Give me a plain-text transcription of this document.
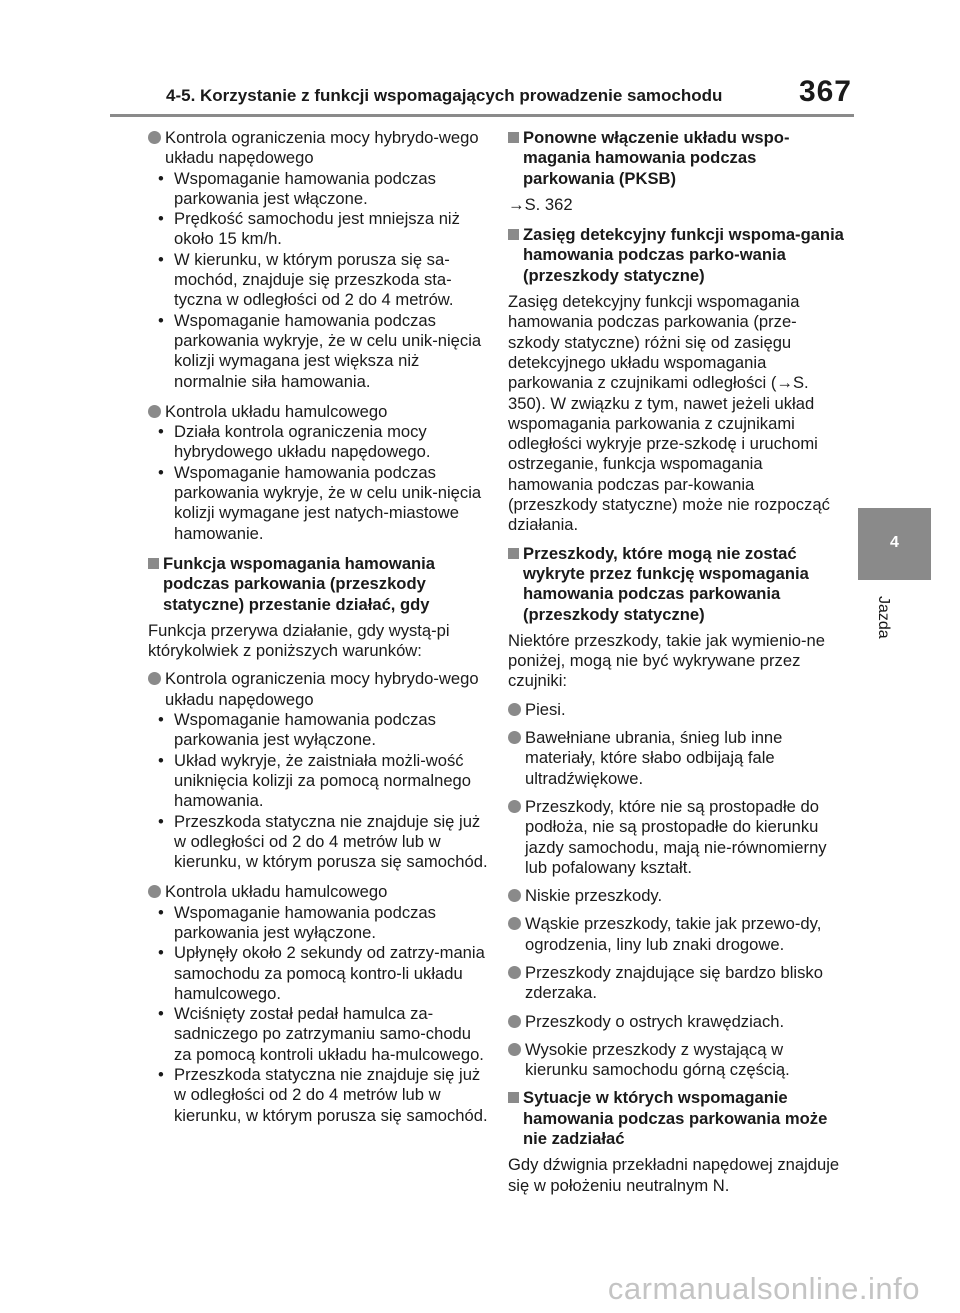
4-5. Korzystanie z funkcji wspomagających prowadzenie samochodu	367
Kontrola ograniczenia mocy hybrydo-wego układu napędowego
• Wspomaganie hamowania podczas parkowania jest włączone.
• Prędkość samochodu jest mniejsza niż około 15 km/h.
• W kierunku, w którym porusza się sa-mochód, znajduje się przeszkoda sta-tyczna w odległości od 2 do 4 metrów.
• Wspomaganie hamowania podczas parkowania wykryje, że w celu unik-nięcia kolizji wymagana jest większa niż normalnie siła hamowania.
Kontrola układu hamulcowego
• Działa kontrola ograniczenia mocy hybrydowego układu napędowego.
• Wspomaganie hamowania podczas parkowania wykryje, że w celu unik-nięcia kolizji wymagane jest natych-miastowe hamowanie.
Funkcja wspomagania hamowania podczas parkowania (przeszkody statyczne) przestanie działać, gdy

Funkcja przerywa działanie, gdy wystą-pi którykolwiek z poniższych warunków:

Kontrola ograniczenia mocy hybrydo-wego układu napędowego
• Wspomaganie hamowania podczas parkowania jest wyłączone.
• Układ wykryje, że zaistniała możli-wość uniknięcia kolizji za pomocą normalnego hamowania.
• Przeszkoda statyczna nie znajduje się już w odległości od 2 do 4 metrów lub w kierunku, w którym porusza się samochód.
Kontrola układu hamulcowego
• Wspomaganie hamowania podczas parkowania jest wyłączone.
• Upłynęły około 2 sekundy od zatrzy-mania samochodu za pomocą kontro-li układu hamulcowego.
• Wciśnięty został pedał hamulca za-sadniczego po zatrzymaniu samo-chodu za pomocą kontroli układu ha-mulcowego.
• Przeszkoda statyczna nie znajduje się już w odległości od 2 do 4 metrów lub w kierunku, w którym porusza się samochód.
Ponowne włączenie układu wspo-magania hamowania podczas parkowania (PKSB)

→S. 362

Zasięg detekcyjny funkcji wspoma-gania hamowania podczas parko-wania (przeszkody statyczne)

Zasięg detekcyjny funkcji wspomagania hamowania podczas parkowania (prze-szkody statyczne) różni się od zasięgu detekcyjnego układu wspomagania parkowania z czujnikami odległości (→S. 350). W związku z tym, nawet jeżeli układ wspomagania parkowania z czujnikami odległości wykryje prze-szkodę i uruchomi ostrzeganie, funkcja wspomagania hamowania podczas par-kowania (przeszkody statyczne) może nie rozpocząć działania.

Przeszkody, które mogą nie zostać wykryte przez funkcję wspomagania hamowania podczas parkowania (przeszkody statyczne)

Niektóre przeszkody, takie jak wymienio-ne poniżej, mogą nie być wykrywane przez czujniki:

Piesi.
Bawełniane ubrania, śnieg lub inne materiały, które słabo odbijają fale ultradźwiękowe.
Przeszkody, które nie są prostopadłe do podłoża, nie są prostopadłe do kierunku jazdy samochodu, mają nie-równomierny lub pofalowany kształt.
Niskie przeszkody.
Wąskie przeszkody, takie jak przewo-dy, ogrodzenia, liny lub znaki drogowe.
Przeszkody znajdujące się bardzo blisko zderzaka.
Przeszkody o ostrych krawędziach.
Wysokie przeszkody z wystającą w kierunku samochodu górną częścią.
Sytuacje w których wspomaganie hamowania podczas parkowania może nie zadziałać

Gdy dźwignia przekładni napędowej znajduje się w położeniu neutralnym N.

4
Jazda
carmanualsonline.info
